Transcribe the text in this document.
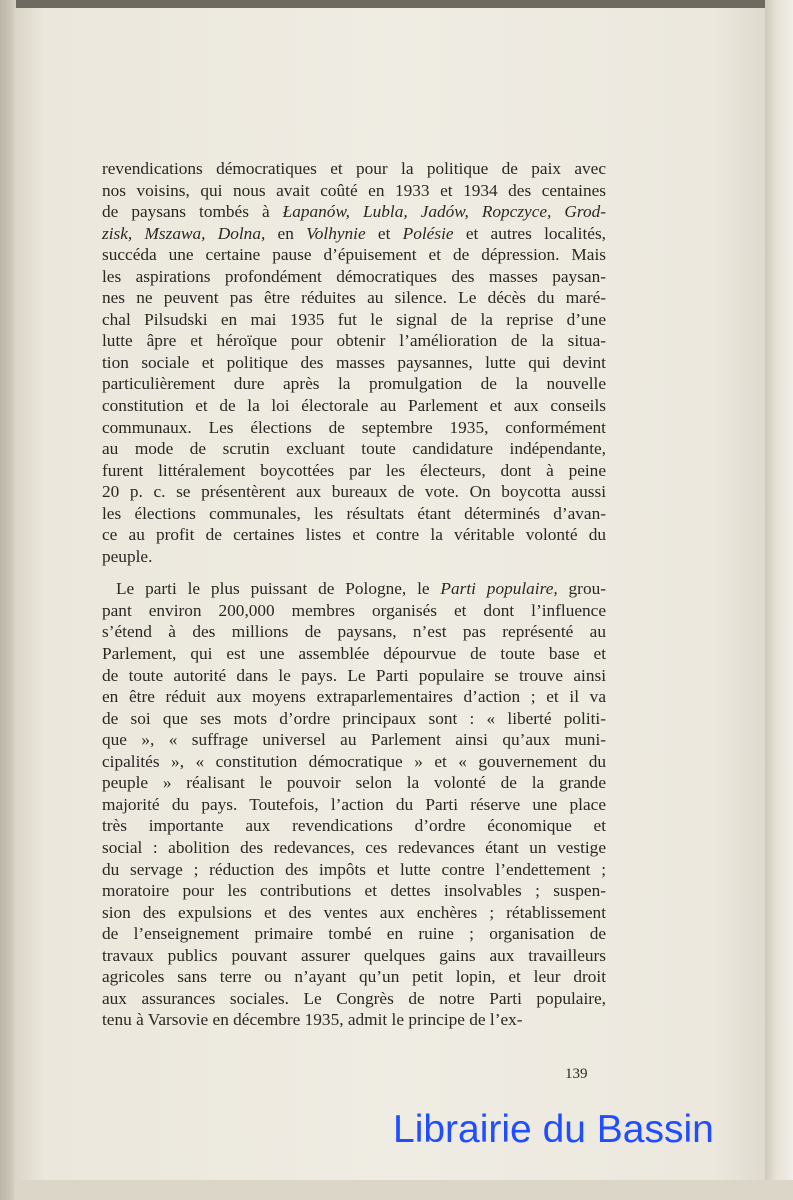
revendications démocratiques et pour la politique de paix avec
nos voisins, qui nous avait coûté en 1933 et 1934 des centaines
de paysans tombés à Łapanów, Lubla, Jadów, Ropczyce, Grod-
zisk, Mszawa, Dolna, en Volhynie et Polésie et autres localités,
succéda une certaine pause d’épuisement et de dépression. Mais
les aspirations profondément démocratiques des masses paysan-
nes ne peuvent pas être réduites au silence. Le décès du maré-
chal Pilsudski en mai 1935 fut le signal de la reprise d’une
lutte âpre et héroïque pour obtenir l’amélioration de la situa-
tion sociale et politique des masses paysannes, lutte qui devint
particulièrement dure après la promulgation de la nouvelle
constitution et de la loi électorale au Parlement et aux conseils
communaux. Les élections de septembre 1935, conformément
au mode de scrutin excluant toute candidature indépendante,
furent littéralement boycottées par les électeurs, dont à peine
20 p. c. se présentèrent aux bureaux de vote. On boycotta aussi
les élections communales, les résultats étant déterminés d’avan-
ce au profit de certaines listes et contre la véritable volonté du
peuple.
Le parti le plus puissant de Pologne, le Parti populaire, grou-
pant environ 200,000 membres organisés et dont l’influence
s’étend à des millions de paysans, n’est pas représenté au
Parlement, qui est une assemblée dépourvue de toute base et
de toute autorité dans le pays. Le Parti populaire se trouve ainsi
en être réduit aux moyens extraparlementaires d’action ; et il va
de soi que ses mots d’ordre principaux sont : « liberté politi-
que », « suffrage universel au Parlement ainsi qu’aux muni-
cipalités », « constitution démocratique » et « gouvernement du
peuple » réalisant le pouvoir selon la volonté de la grande
majorité du pays. Toutefois, l’action du Parti réserve une place
très importante aux revendications d’ordre économique et
social : abolition des redevances, ces redevances étant un vestige
du servage ; réduction des impôts et lutte contre l’endettement ;
moratoire pour les contributions et dettes insolvables ; suspen-
sion des expulsions et des ventes aux enchères ; rétablissement
de l’enseignement primaire tombé en ruine ; organisation de
travaux publics pouvant assurer quelques gains aux travailleurs
agricoles sans terre ou n’ayant qu’un petit lopin, et leur droit
aux assurances sociales. Le Congrès de notre Parti populaire,
tenu à Varsovie en décembre 1935, admit le principe de l’ex-
139
Librairie du Bassin
